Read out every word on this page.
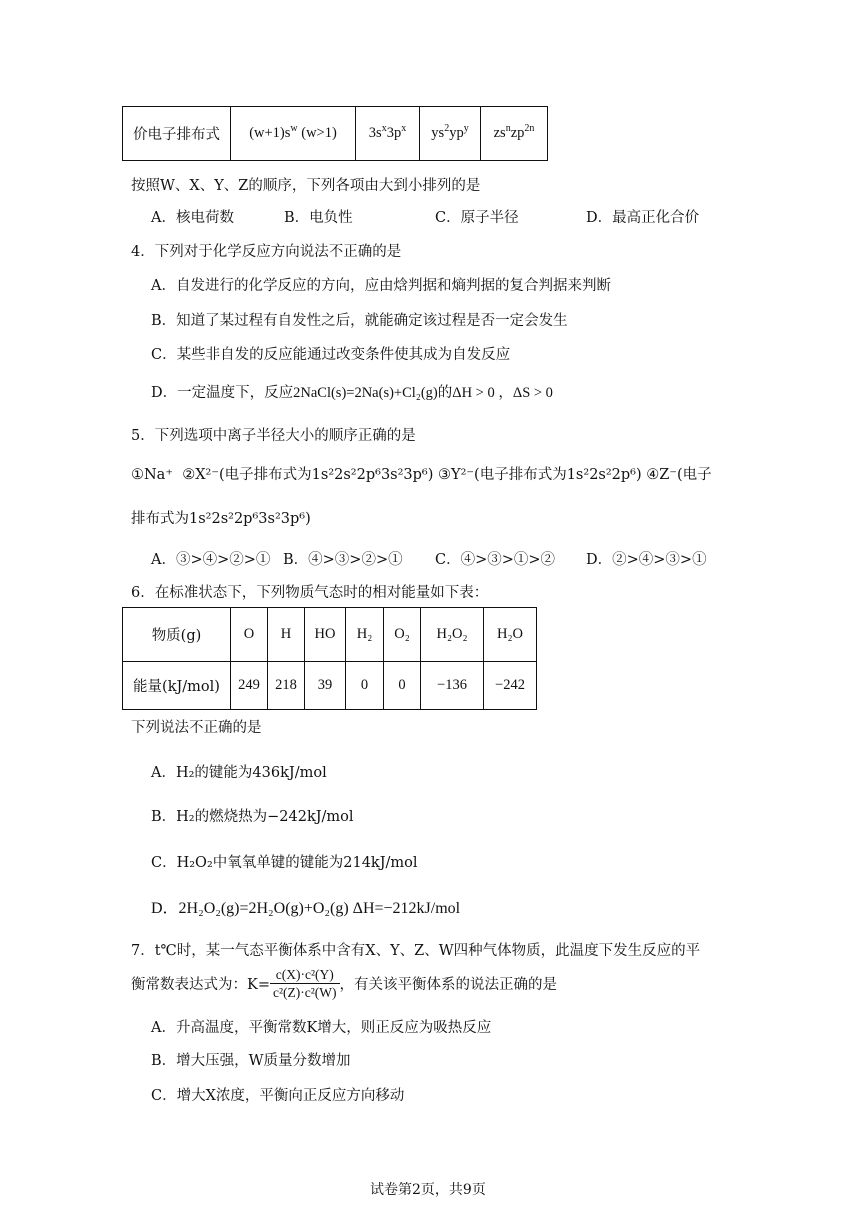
价电子排布式	$(w+1)s^w$ (w>1)	$3s^x3p^x$	$ys^2yp^y$	$zs^nzp^{2n}$
按照W、X、Y、Z的顺序，下列各项由大到小排列的是
A．核电荷数	B．电负性	C．原子半径	D．最高正化合价
4．下列对于化学反应方向说法不正确的是
A．自发进行的化学反应的方向，应由焓判据和熵判据的复合判据来判断
B．知道了某过程有自发性之后，就能确定该过程是否一定会发生
C．某些非自发的反应能通过改变条件使其成为自发反应
D．一定温度下，反应2NaCl(s)=2Na(s)+Cl₂(g)的ΔH > 0 ，ΔS > 0
5．下列选项中离子半径大小的顺序正确的是
①Na⁺ ②X²⁻(电子排布式为1s²2s²2p⁶3s²3p⁶) ③Y²⁻(电子排布式为1s²2s²2p⁶) ④Z⁻(电子
排布式为1s²2s²2p⁶3s²3p⁶)
A．③>④>②>① B．④>③>②>① C．④>③>①>② D．②>④>③>①
6．在标准状态下，下列物质气态时的相对能量如下表：
物质(g)	O	H	HO	H₂	O₂	H₂O₂	H₂O
能量(kJ/mol)	249	218	39	0	0	−136	−242
下列说法不正确的是
A．H₂的键能为436kJ/mol
B．H₂的燃烧热为−242kJ/mol
C．H₂O₂中氧氧单键的键能为214kJ/mol
D．2H₂O₂(g)=2H₂O(g)+O₂(g) ΔH=−212kJ/mol
7．t℃时，某一气态平衡体系中含有X、Y、Z、W四种气体物质，此温度下发生反应的平
衡常数表达式为：$K= \frac{\text{c(X)·c²(Y)}}{\text{c²(Z)·c²(W)}}$ ，有关该平衡体系的说法正确的是
A．升高温度，平衡常数K增大，则正反应为吸热反应
B．增大压强，W质量分数增加
C．增大X浓度，平衡向正反应方向移动
试卷第2页，共9页
